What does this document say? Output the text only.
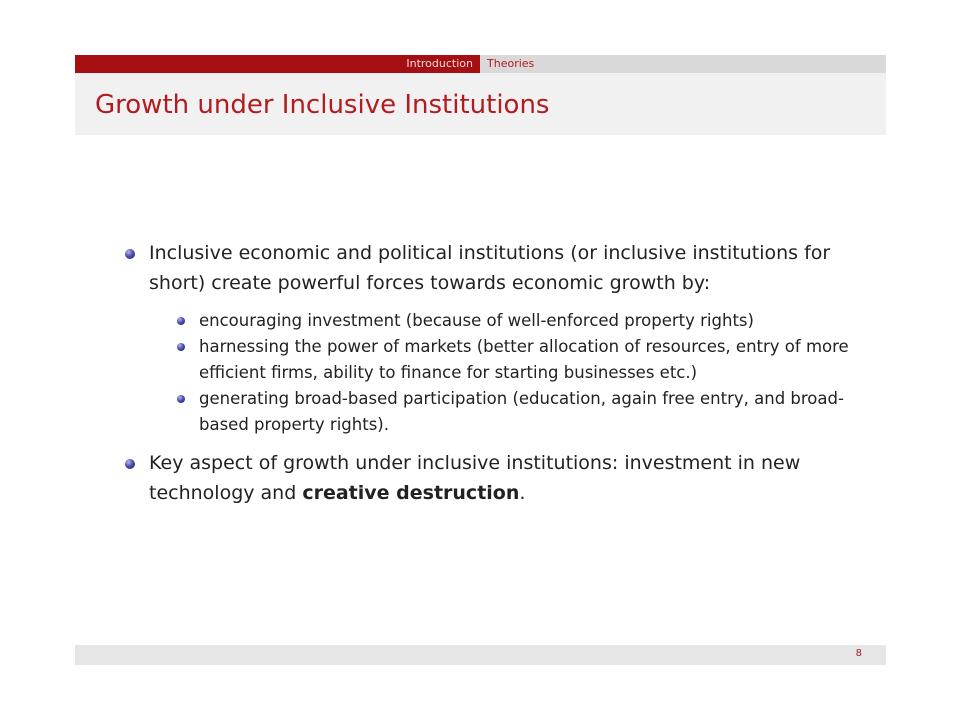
Introduction	Theories
Growth under Inclusive Institutions
Inclusive economic and political institutions (or inclusive institutions for short) create powerful forces towards economic growth by:
encouraging investment (because of well-enforced property rights)
harnessing the power of markets (better allocation of resources, entry of more efficient firms, ability to finance for starting businesses etc.)
generating broad-based participation (education, again free entry, and broad-based property rights).
Key aspect of growth under inclusive institutions: investment in new technology and creative destruction.
8
